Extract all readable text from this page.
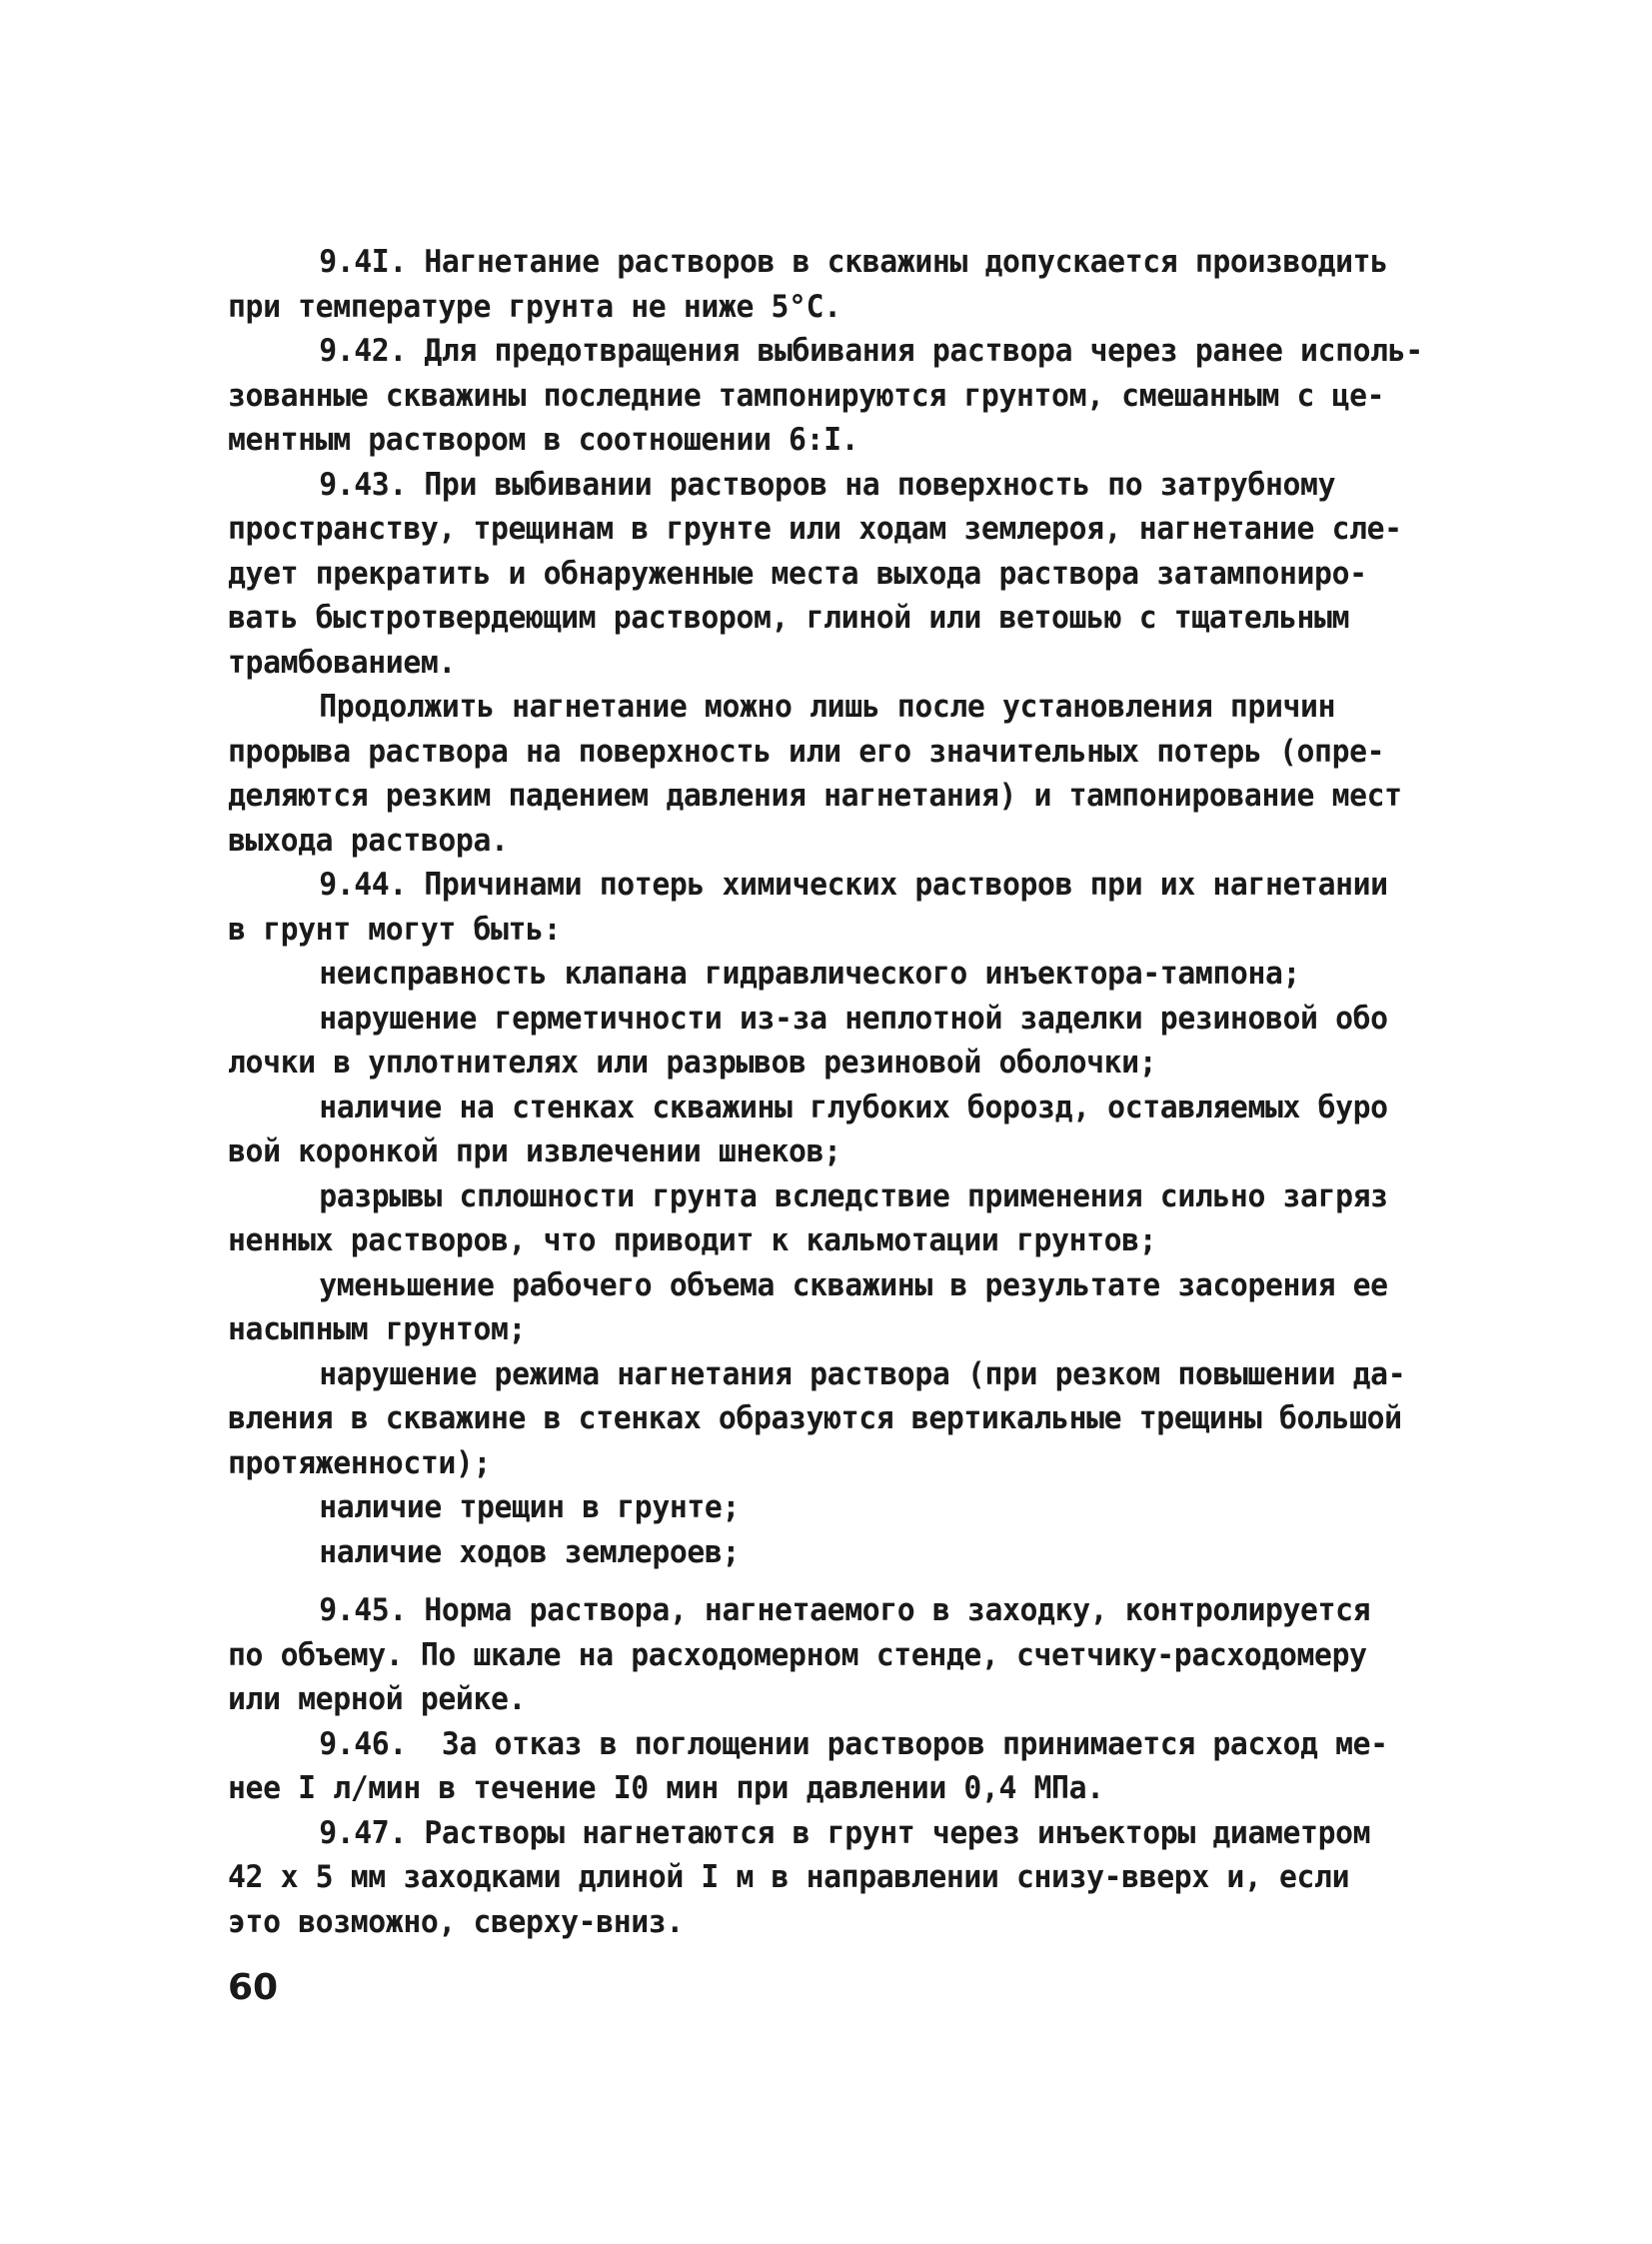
9.4I. Нагнетание растворов в скважины допускается производить
при температуре грунта не ниже 5°С.
9.42. Для предотвращения выбивания раствора через ранее исполь-
зованные скважины последние тампонируются грунтом, смешанным с це-
ментным раствором в соотношении 6:I.
9.43. При выбивании растворов на поверхность по затрубному
пространству, трещинам в грунте или ходам землероя, нагнетание сле-
дует прекратить и обнаруженные места выхода раствора затампониро-
вать быстротвердеющим раствором, глиной или ветошью с тщательным
трамбованием.
Продолжить нагнетание можно лишь после установления причин
прорыва раствора на поверхность или его значительных потерь (опре-
деляются резким падением давления нагнетания) и тампонирование мест
выхода раствора.
9.44. Причинами потерь химических растворов при их нагнетании
в грунт могут быть:
неисправность клапана гидравлического инъектора-тампона;
нарушение герметичности из-за неплотной заделки резиновой обо
лочки в уплотнителях или разрывов резиновой оболочки;
наличие на стенках скважины глубоких борозд, оставляемых буро
вой коронкой при извлечении шнеков;
разрывы сплошности грунта вследствие применения сильно загряз
ненных растворов, что приводит к кальмотации грунтов;
уменьшение рабочего объема скважины в результате засорения ее
насыпным грунтом;
нарушение режима нагнетания раствора (при резком повышении да-
вления в скважине в стенках образуются вертикальные трещины большой
протяженности);
наличие трещин в грунте;
наличие ходов землероев;
9.45. Норма раствора, нагнетаемого в заходку, контролируется
по объему. По шкале на расходомерном стенде, счетчику-расходомеру
или мерной рейке.
9.46.  За отказ в поглощении растворов принимается расход ме-
нее I л/мин в течение I0 мин при давлении 0,4 МПа.
9.47. Растворы нагнетаются в грунт через инъекторы диаметром
42 х 5 мм заходками длиной I м в направлении снизу-вверх и, если
это возможно, сверху-вниз.
60
